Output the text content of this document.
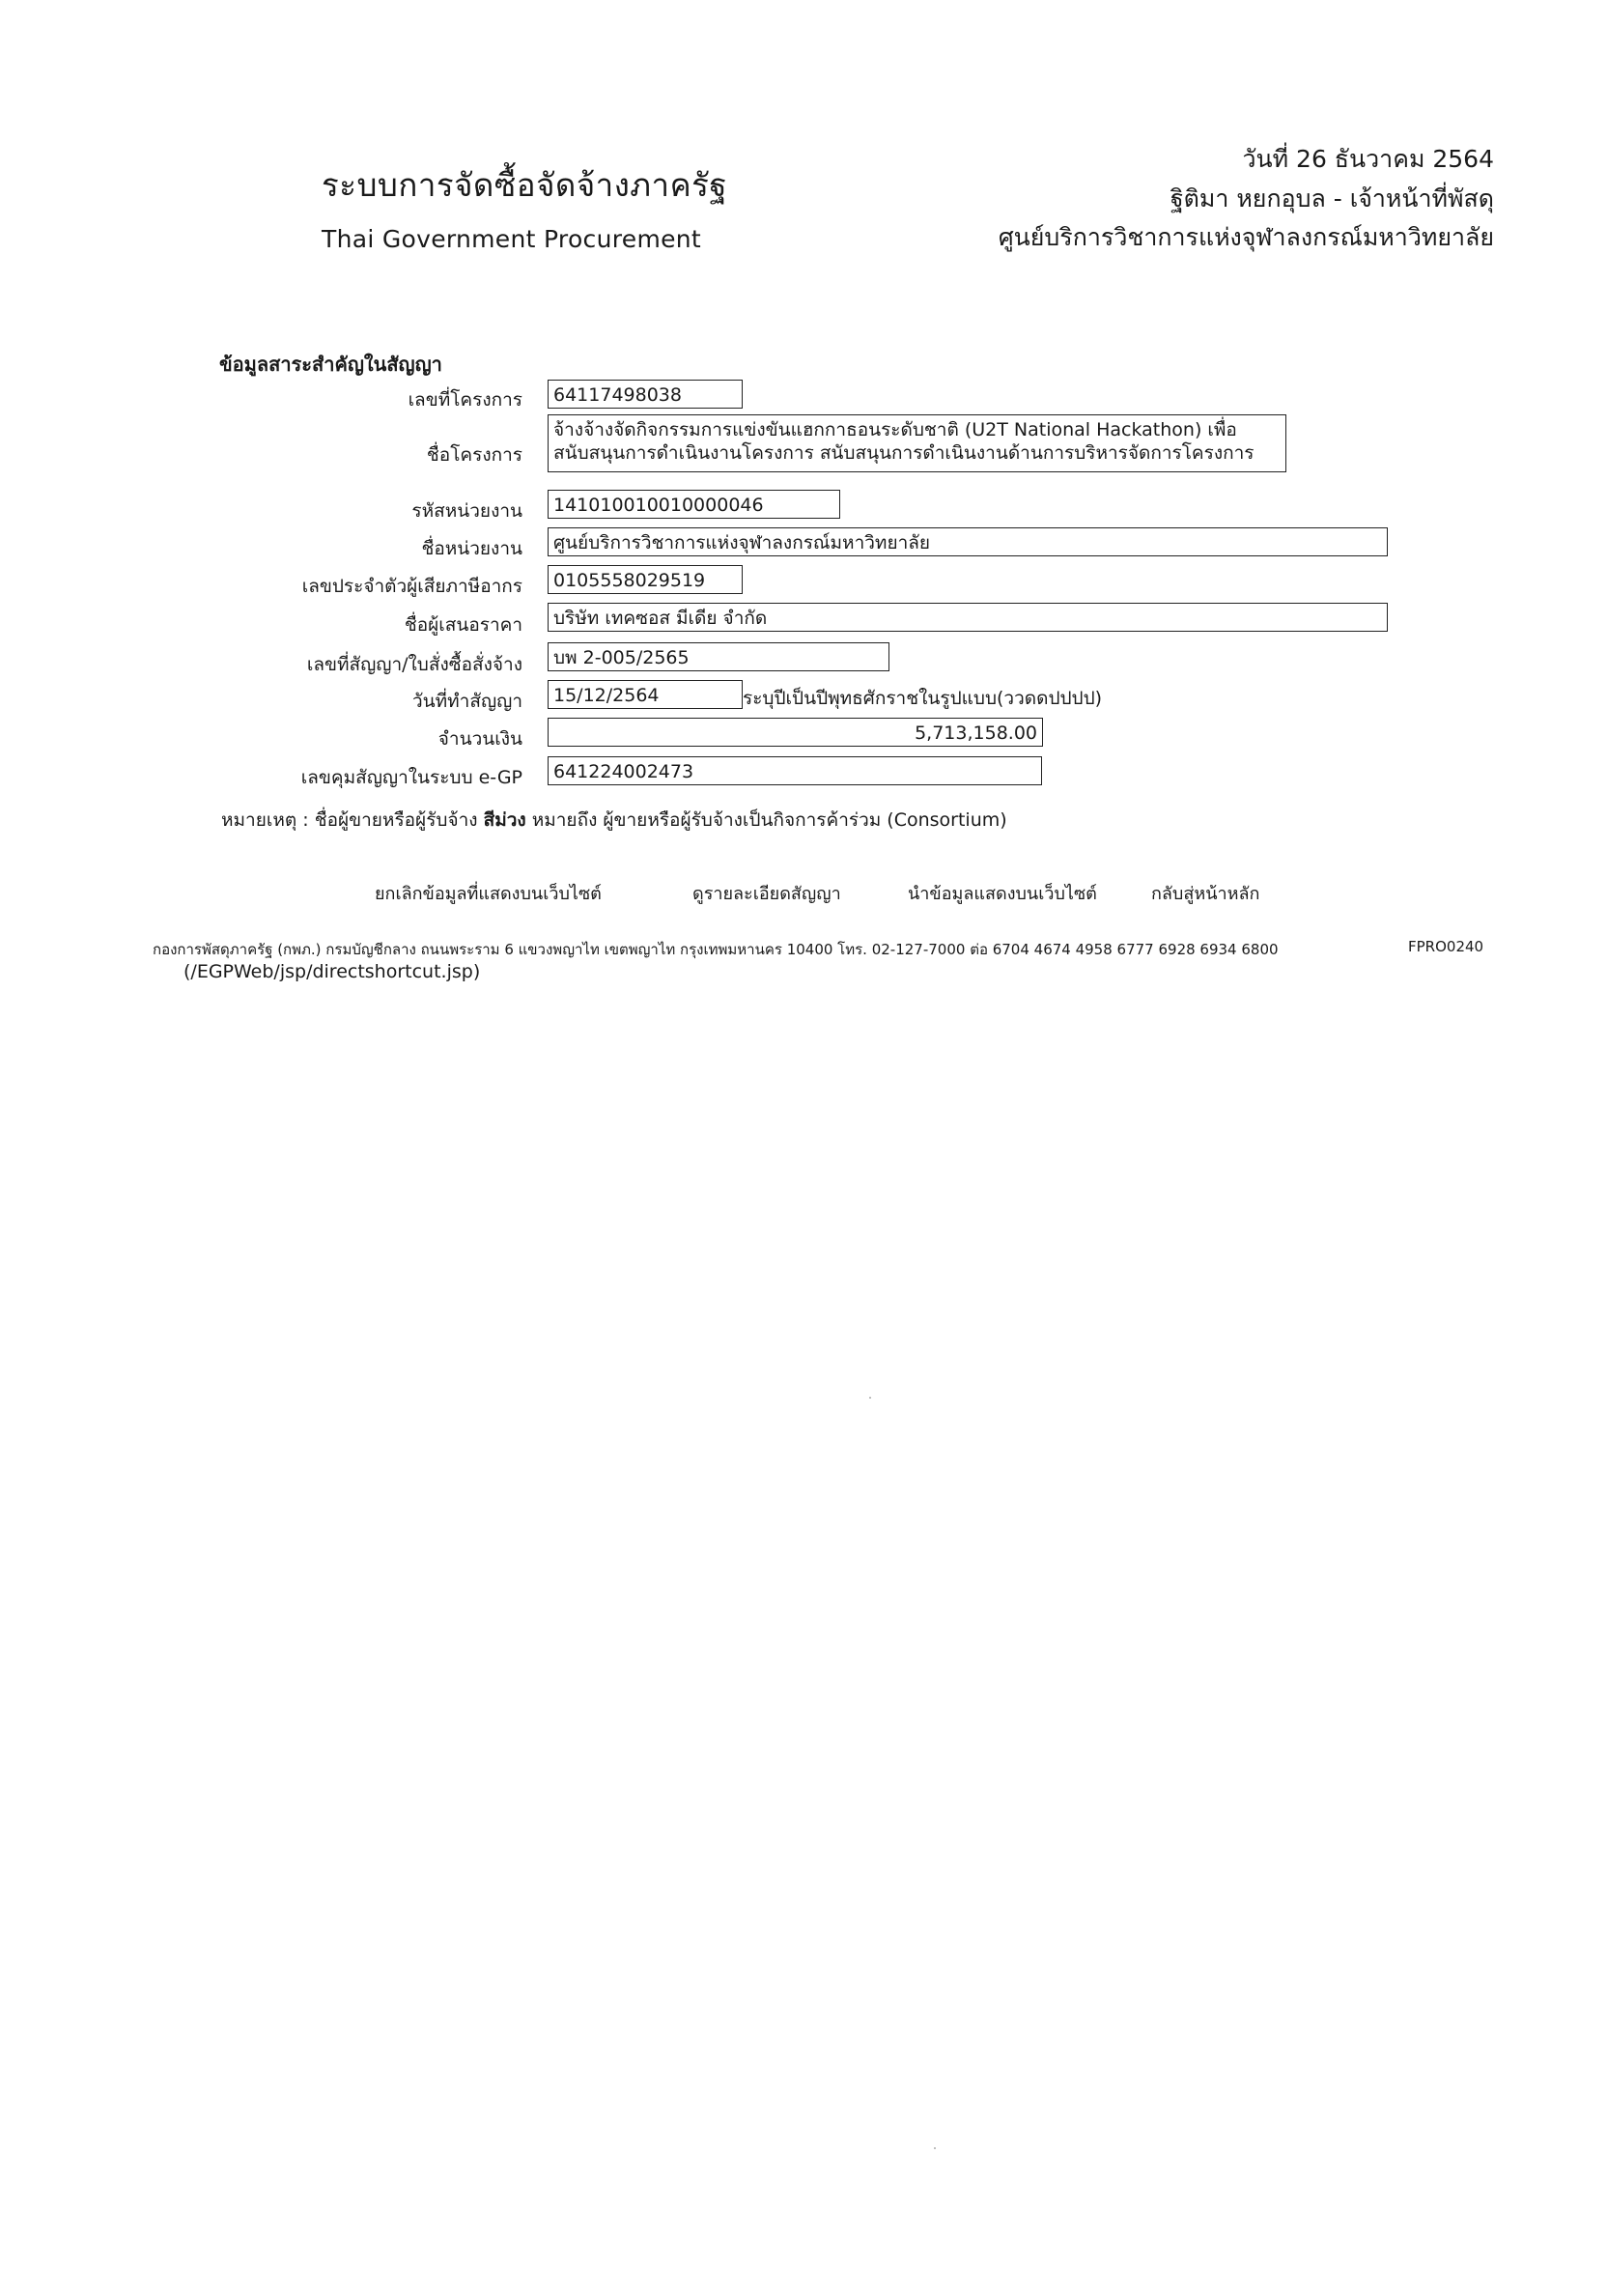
ระบบการจัดซื้อจัดจ้างภาครัฐ
Thai Government Procurement
วันที่ 26 ธันวาคม 2564
ฐิติมา หยกอุบล - เจ้าหน้าที่พัสดุ
ศูนย์บริการวิชาการแห่งจุฬาลงกรณ์มหาวิทยาลัย
ข้อมูลสาระสำคัญในสัญญา
เลขที่โครงการ	64117498038
ชื่อโครงการ
จ้างจ้างจัดกิจกรรมการแข่งขันแฮกกาธอนระดับชาติ (U2T National Hackathon) เพื่อ
สนับสนุนการดำเนินงานโครงการ สนับสนุนการดำเนินงานด้านการบริหารจัดการโครงการ
รหัสหน่วยงาน	141010010010000046
ชื่อหน่วยงาน	ศูนย์บริการวิชาการแห่งจุฬาลงกรณ์มหาวิทยาลัย
เลขประจำตัวผู้เสียภาษีอากร	0105558029519
ชื่อผู้เสนอราคา	บริษัท เทคซอส มีเดีย จำกัด
เลขที่สัญญา/ใบสั่งซื้อสั่งจ้าง	บพ 2-005/2565
วันที่ทำสัญญา	15/12/2564	ระบุปีเป็นปีพุทธศักราชในรูปแบบ(ววดดปปปป)
จำนวนเงิน	5,713,158.00
เลขคุมสัญญาในระบบ e-GP	641224002473
หมายเหตุ : ชื่อผู้ขายหรือผู้รับจ้าง สีม่วง หมายถึง ผู้ขายหรือผู้รับจ้างเป็นกิจการค้าร่วม (Consortium)
ยกเลิกข้อมูลที่แสดงบนเว็บไซต์	ดูรายละเอียดสัญญา	นำข้อมูลแสดงบนเว็บไซต์	กลับสู่หน้าหลัก
กองการพัสดุภาครัฐ (กพภ.) กรมบัญชีกลาง ถนนพระราม 6 แขวงพญาไท เขตพญาไท กรุงเทพมหานคร 10400 โทร. 02-127-7000 ต่อ 6704 4674 4958 6777 6928 6934 6800	FPRO0240
(/EGPWeb/jsp/directshortcut.jsp)
